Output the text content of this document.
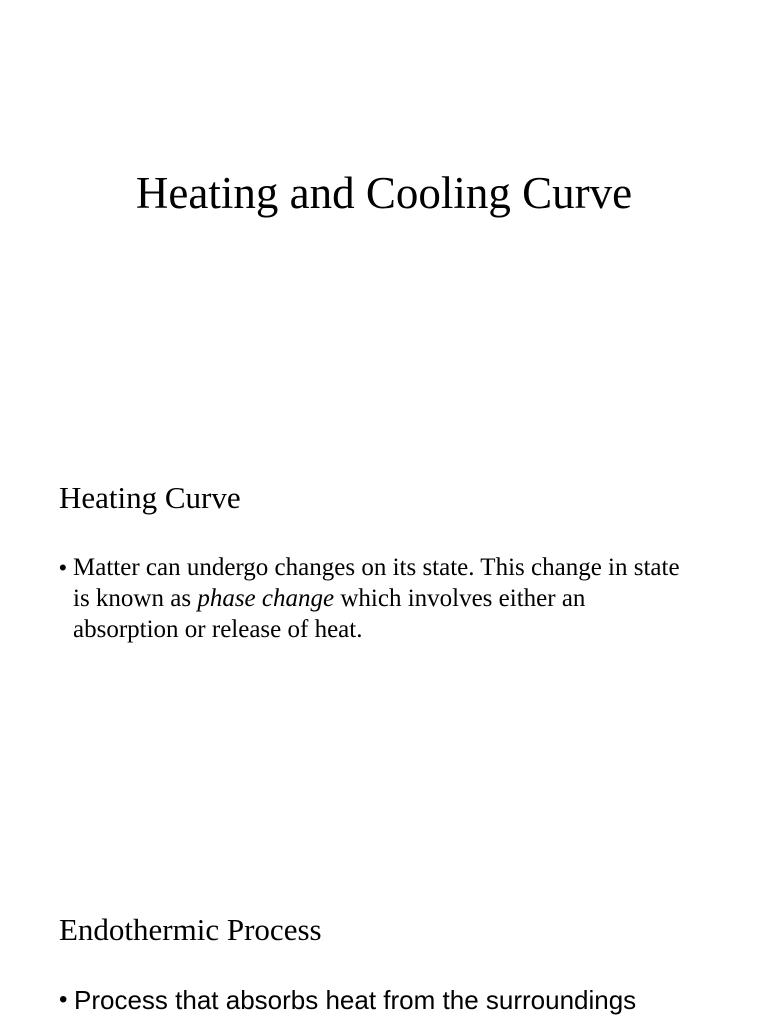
Heating and Cooling Curve
Heating Curve
• Matter can undergo changes on its state. This change in state is known as phase change which involves either an absorption or release of heat.
Endothermic Process
• Process that absorbs heat from the surroundings
